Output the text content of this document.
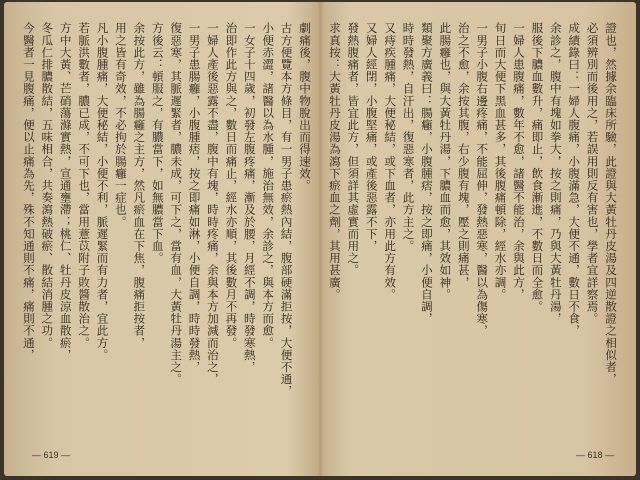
劇痛後，腹中物脫出而得速效。
古方便覽本方條目，有一男子患瘀熱內結，腹部硬滿拒按，大便不通，
小便赤澀，諸醫以為水腫，施治無效，余診之，與本方而愈。
一女子十四歲，初發左腹疼痛，漸及於腰，月經不調，時發寒熱，
治即作此方與之，數日而痛止，經水亦順，其後數月不再發。
一婦人產後惡露不盡，腹中有塊，時時疼痛，余與本方加減而治之，
一男子患腸癰，小腹腫痞，按之即痛如淋，小便自調，時時發熱，
復惡寒，其脈遲緊者，膿未成，可下之，當有血，大黃牡丹湯主之。
方後云：頓服之，有膿當下，如無膿當下血。
余按此方，雖為腸癰之主方，然凡瘀血在下焦，腹痛拒按者，
用之皆有奇效，不必拘於腸癰一症也。
凡小腹腫痛，大便秘結，小便不利，脈遲緊而有力者，宜此方。
若脈洪數者，膿已成，不可下也，當用薏苡附子敗醬散治之。
方中大黃、芒硝蕩滌實熱，宣通壅滯；桃仁、牡丹皮涼血散瘀，
冬瓜仁排膿散結，五味相合，共奏瀉熱破瘀、散結消腫之功。
今醫者一見腹痛，便以止痛為先，殊不知通則不痛，痛則不通，
— 619 —
證也，然據余臨床所驗，此證與大黃牡丹皮湯及四逆散證之相似者，
必須辨別而後用之，若誤用則反有害也，學者宜詳察焉。
成績錄曰：一婦人腹痛，小腹滿急，大便不通，數日不食，
余診之，腹中有塊如拳大，按之則痛，乃與大黃牡丹湯，
服後下膿血數升，痛即止，飲食漸進，不數日而全愈。
一婦人患腹痛，數年不愈，諸醫不能治，余與此方，
旬日而大便下黑血甚多，其後腹痛頓除，經水亦調。
一男子小腹右邊疼痛，不能屈伸，發熱惡寒，醫以為傷寒，
治之不愈，余按其腹，右少腹有塊，壓之則痛甚，
此腸癰也，與大黃牡丹湯，下膿血而愈，其效如神。
類聚方廣義曰：腸癰，小腹腫痞，按之即痛，小便自調，
時時發熱，自汗出，復惡寒者，此方主之。
又痔疾腫痛，大便秘結，或下血者，亦用此方有效。
又婦人經閉，小腹堅痛，或產後惡露不下，
發熱腹痛者，皆宜此方，但須詳其虛實而用之。
求真按：大黃牡丹皮湯為瀉下瘀血之劑，其用甚廣。
— 618 —
